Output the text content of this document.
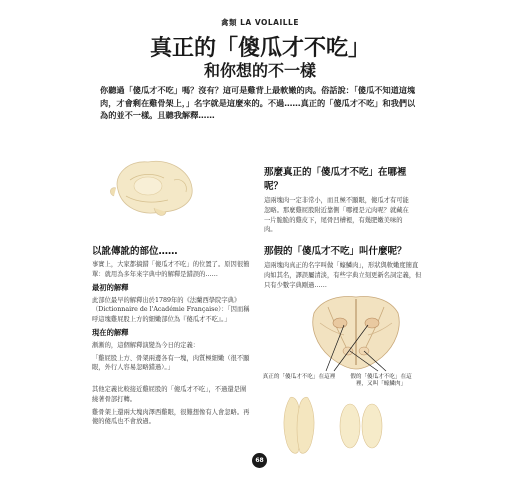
禽類 LA VOLAILLE
真正的「傻瓜才不吃」
和你想的不一樣
你聽過「傻瓜才不吃」嗎？沒有？這可是雞背上最軟嫩的肉。俗話說：「傻瓜不知道這塊肉，才會剩在雞骨架上，」名字就是這麼來的。不過……真正的「傻瓜才不吃」和我們以為的並不一樣。且聽我解釋……
那麼真正的「傻瓜才不吃」在哪裡呢？
這兩塊肉一定非常小，而且極不顯眼，傻瓜才有可能忽略。那麼雞屁股附近靠側「哪裡是元肉呢？就藏在一片脆脆的雞皮下，尾骨凹槽裡，有幾肥嫩美味的肉。
以訛傳訛的部位……
事實上，大家都搞錯「傻瓜才不吃」的位置了。原因很簡單：就用為多年來字典中的解釋是錯誤的……
最初的解釋
此部位最早的解釋出於1789年的《法蘭西學院字典》（Dictionnaire de l'Académie Française）：「因而稱呼這塊雞屁股上方的細嫩部位為『傻瓜才不吃』。」
現在的解釋
漸漸的，這個解釋演變為今日的定義：
「雞屁股上方、骨架兩邊各有一塊，肉質極細嫩（很不顯眼，外行人容易忽略錯過）。」
其他定義比較接近雞屁股的「傻瓜才不吃」，不過還是圍繞著骨部打轉。
雞骨架上還兩大塊肉澤西雞眼，很難想像有人會忽略。再傻的傻瓜也不會放過。
那假的「傻瓜才不吃」叫什麼呢？
這兩塊肉真正的名字叫做「蠔鱗肉」，形狀與軟嫩度簡直肉如其名，譯誤屬清淡，有些字典立刻更新名詞定義，但只有少數字典剛過……
真正的「傻瓜才不吃」在這裡	假的「傻瓜才不吃」在這裡，又叫「蠔鱗肉」
68
